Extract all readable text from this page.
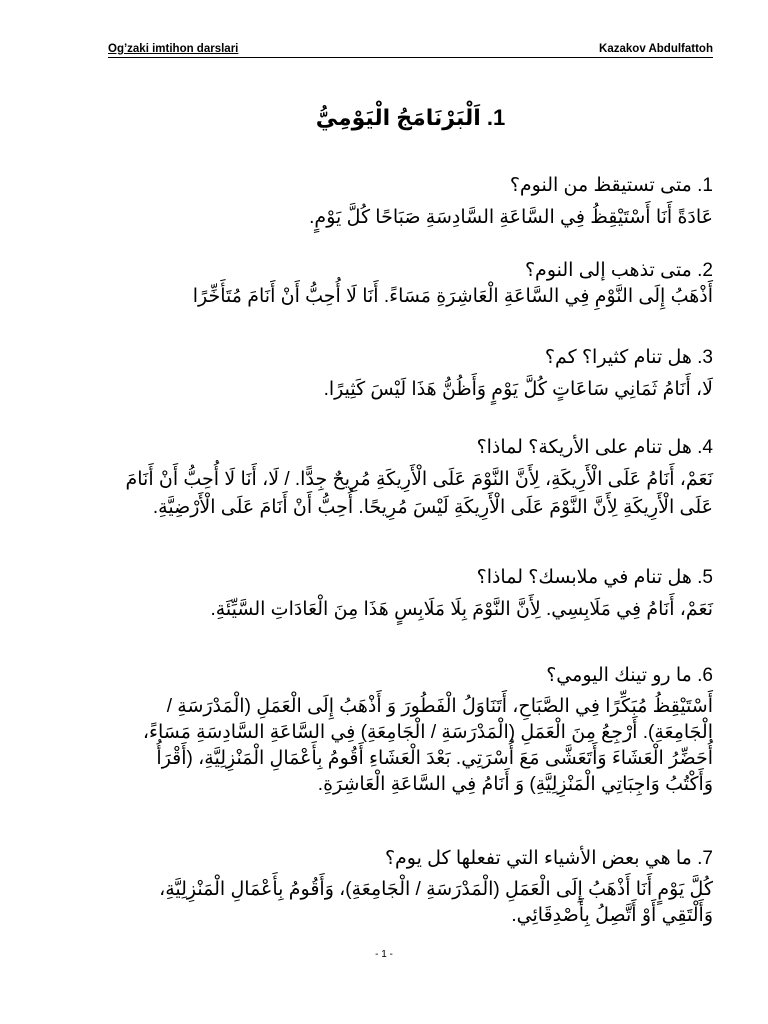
Og’zaki imtihon darslari	Kazakov Abdulfattoh
1. اَلْبَرْنَامَجُ الْيَوْمِيُّ
1. متى تستيقظ من النوم؟
عَادَةً أَنَا أَسْتَيْقِظُ فِي السَّاعَةِ السَّادِسَةِ صَبَاحًا كُلَّ يَوْمٍ.
2. متى تذهب إلى النوم؟
أَذْهَبُ إِلَى النَّوْمِ فِي السَّاعَةِ الْعَاشِرَةِ مَسَاءً. أَنَا لَا أُحِبُّ أَنْ أَنَامَ مُتَأَخِّرًا
3. هل تنام كثيرا؟ كم؟
لَا، أَنَامُ ثَمَانِي سَاعَاتٍ كُلَّ يَوْمٍ وَأَظُنُّ هَذَا لَيْسَ كَثِيرًا.
4. هل تنام على الأريكة؟ لماذا؟
نَعَمْ، أَنَامُ عَلَى الْأَرِيكَةِ، لِأَنَّ النَّوْمَ عَلَى الْأَرِيكَةِ مُرِيحٌ جِدًّا. / لَا، أَنَا لَا أُحِبُّ أَنْ أَنَامَ عَلَى الْأَرِيكَةِ لِأَنَّ النَّوْمَ عَلَى الْأَرِيكَةِ لَيْسَ مُرِيحًا. أُحِبُّ أَنْ أَنَامَ عَلَى الْأَرْضِيَّةِ.
5. هل تنام في ملابسك؟ لماذا؟
نَعَمْ، أَنَامُ فِي مَلَابِسِي. لِأَنَّ النَّوْمَ بِلَا مَلَابِسٍ هَذَا مِنَ الْعَادَاتِ السَّيِّئَةِ.
6. ما رو تينك اليومي؟
أَسْتَيْقِظُ مُبَكِّرًا فِي الصَّبَاحِ، أَتَنَاوَلُ الْفَطُورَ وَ أَذْهَبُ إِلَى الْعَمَلِ (الْمَدْرَسَةِ / الْجَامِعَةِ). أَرْجِعُ مِنَ الْعَمَلِ (الْمَدْرَسَةِ / الْجَامِعَةِ) فِي السَّاعَةِ السَّادِسَةِ مَسَاءً، أُحَضِّرُ الْعَشَاءَ وَأَتَعَشَّى مَعَ أُسْرَتِي. بَعْدَ الْعَشَاءِ أَقُومُ بِأَعْمَالِ الْمَنْزِلِيَّةِ، (أَقْرَأُ وَأَكْتُبُ وَاجِبَاتِي الْمَنْزِلِيَّةِ) وَ أَنَامُ فِي السَّاعَةِ الْعَاشِرَةِ.
7. ما هي بعض الأشياء التي تفعلها كل يوم؟
كُلَّ يَوْمٍ أَنَا أَذْهَبُ إِلَى الْعَمَلِ (الْمَدْرَسَةِ / الْجَامِعَةِ)، وَأَقُومُ بِأَعْمَالِ الْمَنْزِلِيَّةِ، وَأَلْتَقِي أَوْ أَتَّصِلُ بِأَصْدِقَائِي.
- 1 -
